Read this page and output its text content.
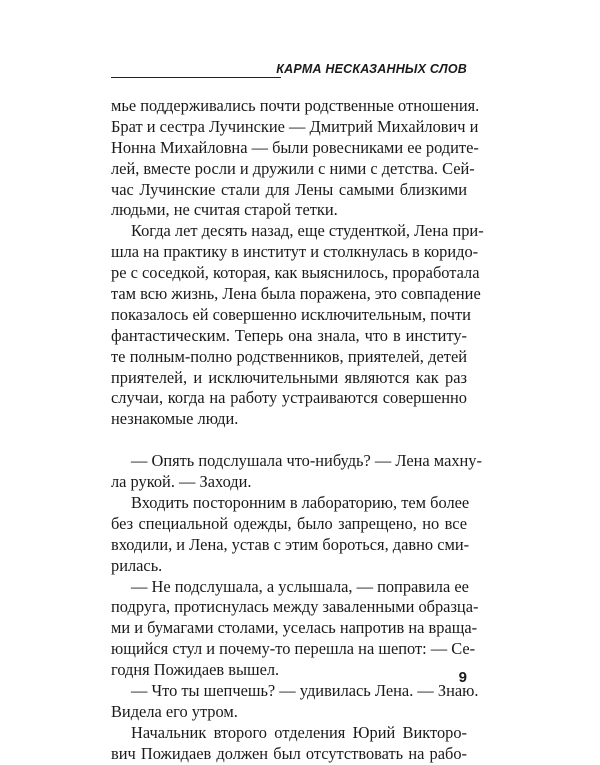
КАРМА НЕСКАЗАННЫХ СЛОВ
мье поддерживались почти родственные отношения.
Брат и сестра Лучинские — Дмитрий Михайлович и
Нонна Михайловна — были ровесниками ее родите-
лей, вместе росли и дружили с ними с детства. Сей-
час Лучинские стали для Лены самыми близкими
людьми, не считая старой тетки.
Когда лет десять назад, еще студенткой, Лена при-
шла на практику в институт и столкнулась в коридо-
ре с соседкой, которая, как выяснилось, проработала
там всю жизнь, Лена была поражена, это совпадение
показалось ей совершенно исключительным, почти
фантастическим. Теперь она знала, что в институ-
те полным-полно родственников, приятелей, детей
приятелей, и исключительными являются как раз
случаи, когда на работу устраиваются совершенно
незнакомые люди.
— Опять подслушала что-нибудь? — Лена махну-
ла рукой. — Заходи.
Входить посторонним в лабораторию, тем более
без специальной одежды, было запрещено, но все
входили, и Лена, устав с этим бороться, давно сми-
рилась.
— Не подслушала, а услышала, — поправила ее
подруга, протиснулась между заваленными образца-
ми и бумагами столами, уселась напротив на враща-
ющийся стул и почему-то перешла на шепот: — Се-
годня Пожидаев вышел.
— Что ты шепчешь? — удивилась Лена. — Знаю.
Видела его утром.
Начальник второго отделения Юрий Викторо-
вич Пожидаев должен был отсутствовать на рабо-
9
